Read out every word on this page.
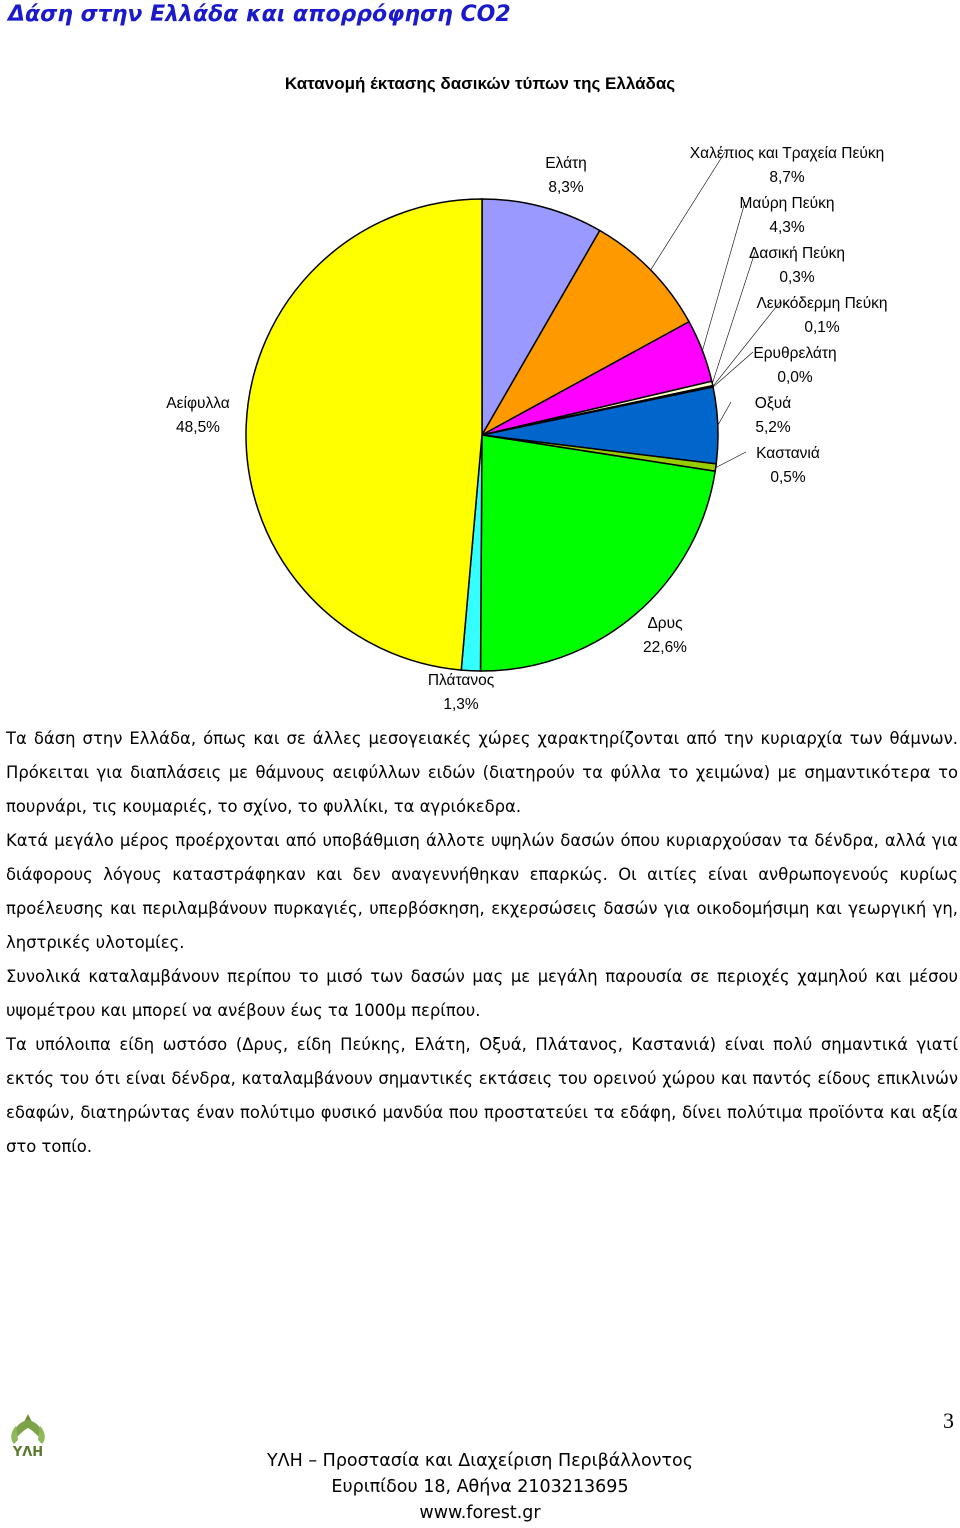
Δάση στην Ελλάδα και απορρόφηση CO2
Κατανομή έκτασης δασικών τύπων της Ελλάδας
Ελάτη
8,3%
Χαλέπιος και Τραχεία Πεύκη
8,7%
Μαύρη Πεύκη
4,3%
Δασική Πεύκη
0,3%
Λευκόδερμη Πεύκη
0,1%
Ερυθρελάτη
0,0%
Οξυά
5,2%
Καστανιά
0,5%
Δρυς
22,6%
Πλάτανος
1,3%
Αείφυλλα
48,5%

Τα δάση στην Ελλάδα, όπως και σε άλλες μεσογειακές χώρες χαρακτηρίζονται από την κυριαρχία των θάμνων. Πρόκειται για διαπλάσεις με θάμνους αειφύλλων ειδών (διατηρούν τα φύλλα το χειμώνα) με σημαντικότερα το πουρνάρι, τις κουμαριές, το σχίνο, το φυλλίκι, τα αγριόκεδρα.

Κατά μεγάλο μέρος προέρχονται από υποβάθμιση άλλοτε υψηλών δασών όπου κυριαρχούσαν τα δένδρα, αλλά για διάφορους λόγους καταστράφηκαν και δεν αναγεννήθηκαν επαρκώς. Οι αιτίες είναι ανθρωπογενούς κυρίως προέλευσης και περιλαμβάνουν πυρκαγιές, υπερβόσκηση, εκχερσώσεις δασών για οικοδομήσιμη και γεωργική γη, ληστρικές υλοτομίες.

Συνολικά καταλαμβάνουν περίπου το μισό των δασών μας με μεγάλη παρουσία σε περιοχές χαμηλού και μέσου υψομέτρου και μπορεί να ανέβουν έως τα 1000μ περίπου.

Τα υπόλοιπα είδη ωστόσο (Δρυς, είδη Πεύκης, Ελάτη, Οξυά, Πλάτανος, Καστανιά) είναι πολύ σημαντικά γιατί εκτός του ότι είναι δένδρα, καταλαμβάνουν σημαντικές εκτάσεις του ορεινού χώρου και παντός είδους επικλινών εδαφών, διατηρώντας έναν πολύτιμο φυσικό μανδύα που προστατεύει τα εδάφη, δίνει πολύτιμα προϊόντα και αξία στο τοπίο.

ΥΛΗ
3
ΥΛΗ – Προστασία και Διαχείριση Περιβάλλοντος
Ευριπίδου 18, Αθήνα 2103213695
www.forest.gr
